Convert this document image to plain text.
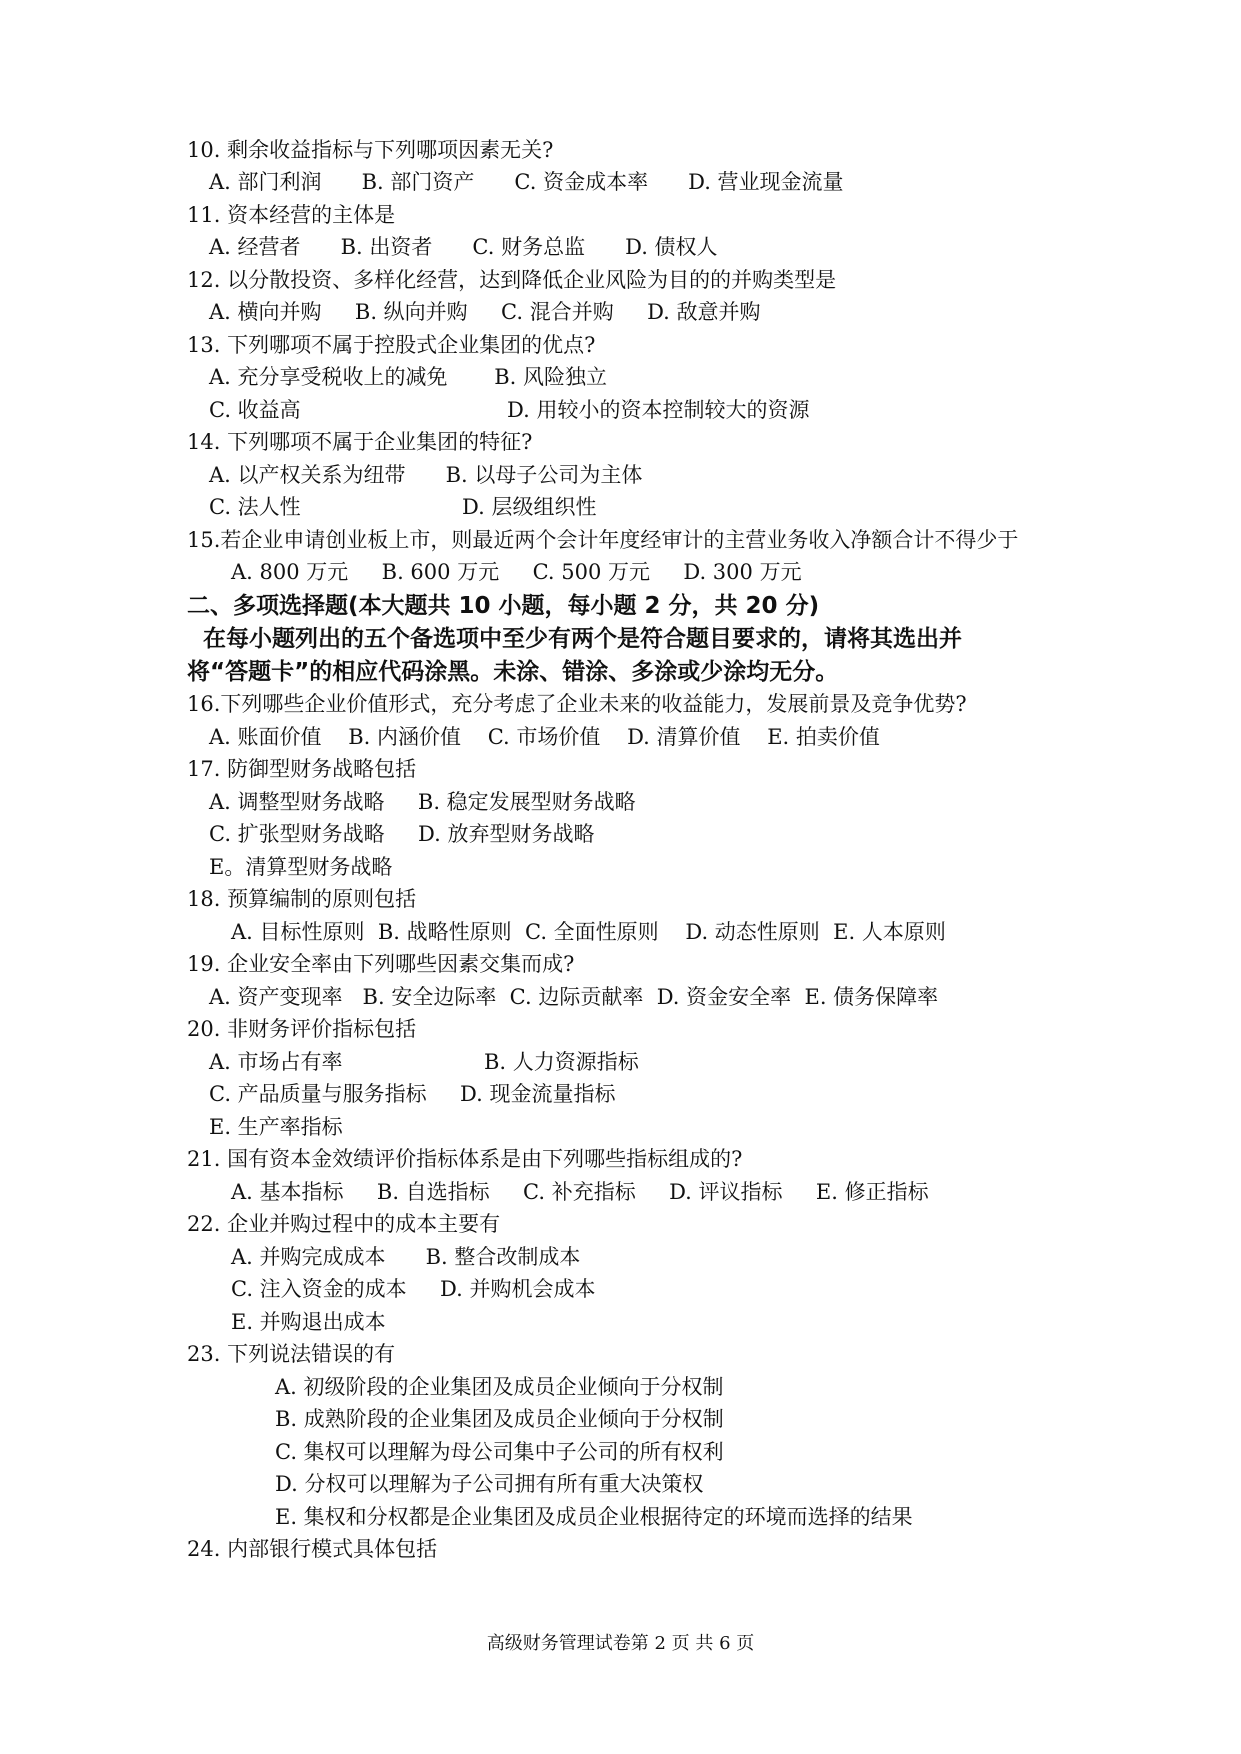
10. 剩余收益指标与下列哪项因素无关?
A. 部门利润      B. 部门资产      C. 资金成本率      D. 营业现金流量
11. 资本经营的主体是
A. 经营者      B. 出资者      C. 财务总监      D. 债权人
12. 以分散投资、多样化经营，达到降低企业风险为目的的并购类型是
A. 横向并购     B. 纵向并购     C. 混合并购     D. 敌意并购
13. 下列哪项不属于控股式企业集团的优点?
A. 充分享受税收上的减免       B. 风险独立
C. 收益高	D. 用较小的资本控制较大的资源
14. 下列哪项不属于企业集团的特征?
A. 以产权关系为纽带      B. 以母子公司为主体
C. 法人性	D. 层级组织性
15.若企业申请创业板上市，则最近两个会计年度经审计的主营业务收入净额合计不得少于
A. 800 万元     B. 600 万元     C. 500 万元     D. 300 万元
二、多项选择题(本大题共 10 小题，每小题 2 分，共 20 分)
在每小题列出的五个备选项中至少有两个是符合题目要求的，请将其选出并
将“答题卡”的相应代码涂黑。未涂、错涂、多涂或少涂均无分。
16.下列哪些企业价值形式，充分考虑了企业未来的收益能力，发展前景及竞争优势?
A. 账面价值    B. 内涵价值    C. 市场价值    D. 清算价值    E. 拍卖价值
17. 防御型财务战略包括
A. 调整型财务战略     B. 稳定发展型财务战略
C. 扩张型财务战略     D. 放弃型财务战略
E。清算型财务战略
18. 预算编制的原则包括
A. 目标性原则  B. 战略性原则  C. 全面性原则    D. 动态性原则  E. 人本原则
19. 企业安全率由下列哪些因素交集而成?
A. 资产变现率   B. 安全边际率  C. 边际贡献率  D. 资金安全率  E. 债务保障率
20. 非财务评价指标包括
A. 市场占有率	B. 人力资源指标
C. 产品质量与服务指标     D. 现金流量指标
E. 生产率指标
21. 国有资本金效绩评价指标体系是由下列哪些指标组成的?
A. 基本指标     B. 自选指标     C. 补充指标     D. 评议指标     E. 修正指标
22. 企业并购过程中的成本主要有
A. 并购完成成本      B. 整合改制成本
C. 注入资金的成本     D. 并购机会成本
E. 并购退出成本
23. 下列说法错误的有
A. 初级阶段的企业集团及成员企业倾向于分权制
B. 成熟阶段的企业集团及成员企业倾向于分权制
C. 集权可以理解为母公司集中子公司的所有权利
D. 分权可以理解为子公司拥有所有重大决策权
E. 集权和分权都是企业集团及成员企业根据待定的环境而选择的结果
24. 内部银行模式具体包括
高级财务管理试卷第 2 页 共 6 页
